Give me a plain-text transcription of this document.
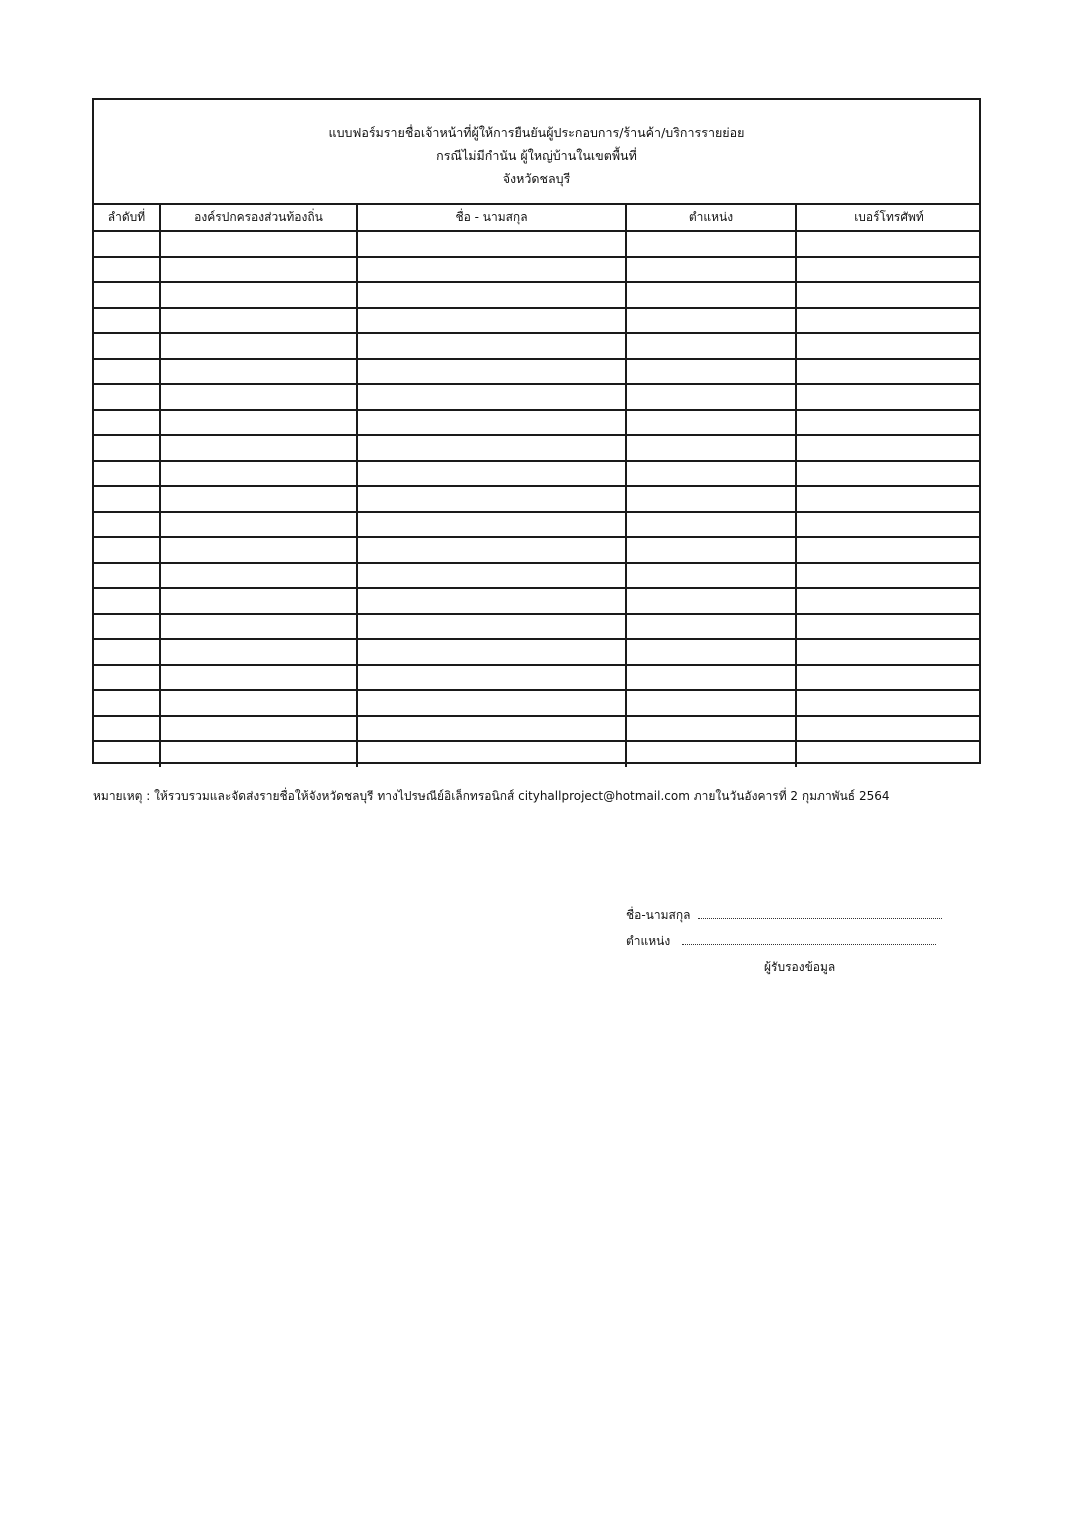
แบบฟอร์มรายชื่อเจ้าหน้าที่ผู้ให้การยืนยันผู้ประกอบการ/ร้านค้า/บริการรายย่อย
กรณีไม่มีกำนัน ผู้ใหญ่บ้านในเขตพื้นที่
จังหวัดชลบุรี
ลำดับที่	องค์รปกครองส่วนท้องถิ่น	ชื่อ - นามสกุล	ตำแหน่ง	เบอร์โทรศัพท์

หมายเหตุ : ให้รวบรวมและจัดส่งรายชื่อให้จังหวัดชลบุรี ทางไปรษณีย์อิเล็กทรอนิกส์ cityhallproject@hotmail.com ภายในวันอังคารที่ 2 กุมภาพันธ์ 2564
ชื่อ-นามสกุล
ตำแหน่ง
ผู้รับรองข้อมูล
